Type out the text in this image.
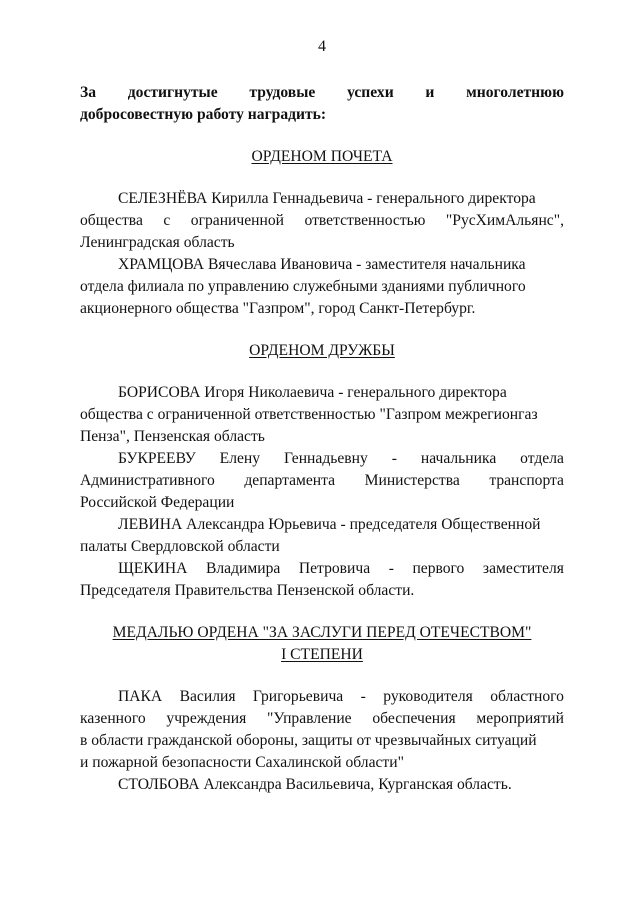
4
За достигнутые трудовые успехи и многолетнюю
добросовестную работу наградить:
ОРДЕНОМ ПОЧЕТА
СЕЛЕЗНЁВА Кирилла Геннадьевича - генерального директора
общества с ограниченной ответственностью "РусХимАльянс",
Ленинградская область
ХРАМЦОВА Вячеслава Ивановича - заместителя начальника
отдела филиала по управлению служебными зданиями публичного
акционерного общества "Газпром", город Санкт-Петербург.
ОРДЕНОМ ДРУЖБЫ
БОРИСОВА Игоря Николаевича - генерального директора
общества с ограниченной ответственностью "Газпром межрегионгаз
Пенза", Пензенская область
БУКРЕЕВУ Елену Геннадьевну - начальника отдела
Административного департамента Министерства транспорта
Российской Федерации
ЛЕВИНА Александра Юрьевича - председателя Общественной
палаты Свердловской области
ЩЕКИНА Владимира Петровича - первого заместителя
Председателя Правительства Пензенской области.
МЕДАЛЬЮ ОРДЕНА "ЗА ЗАСЛУГИ ПЕРЕД ОТЕЧЕСТВОМ"
I СТЕПЕНИ
ПАКА Василия Григорьевича - руководителя областного
казенного учреждения "Управление обеспечения мероприятий
в области гражданской обороны, защиты от чрезвычайных ситуаций
и пожарной безопасности Сахалинской области"
СТОЛБОВА Александра Васильевича, Курганская область.
